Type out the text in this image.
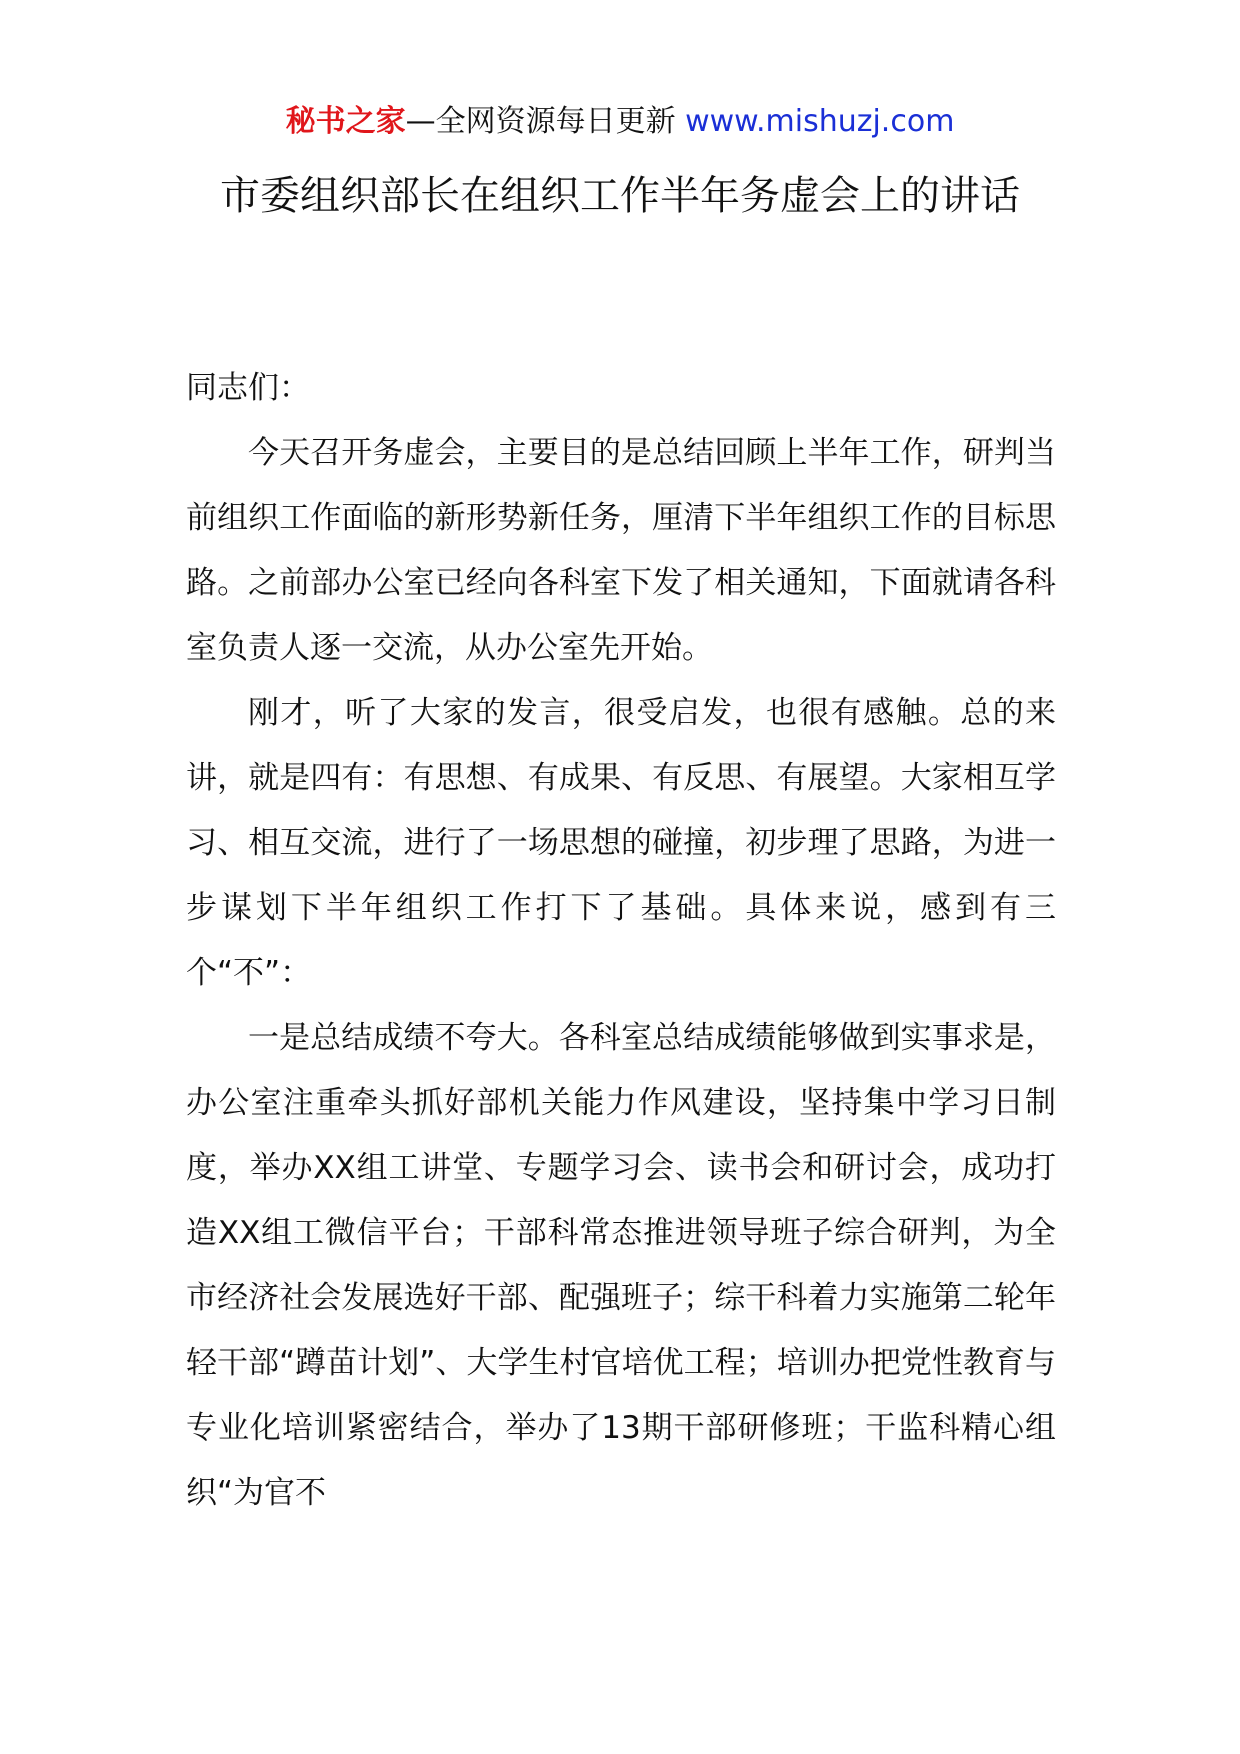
秘书之家—全网资源每日更新 www.mishuzj.com
市委组织部长在组织工作半年务虚会上的讲话

同志们：

今天召开务虚会，主要目的是总结回顾上半年工作，研判当前组织工作面临的新形势新任务，厘清下半年组织工作的目标思路。之前部办公室已经向各科室下发了相关通知，下面就请各科室负责人逐一交流，从办公室先开始。

刚才，听了大家的发言，很受启发，也很有感触。总的来讲，就是四有：有思想、有成果、有反思、有展望。大家相互学习、相互交流，进行了一场思想的碰撞，初步理了思路，为进一步谋划下半年组织工作打下了基础。具体来说，感到有三个“不”：

一是总结成绩不夸大。各科室总结成绩能够做到实事求是，办公室注重牵头抓好部机关能力作风建设，坚持集中学习日制度，举办XX组工讲堂、专题学习会、读书会和研讨会，成功打造XX组工微信平台；干部科常态推进领导班子综合研判，为全市经济社会发展选好干部、配强班子；综干科着力实施第二轮年轻干部“蹲苗计划”、大学生村官培优工程；培训办把党性教育与专业化培训紧密结合，举办了13期干部研修班；干监科精心组织“为官不
